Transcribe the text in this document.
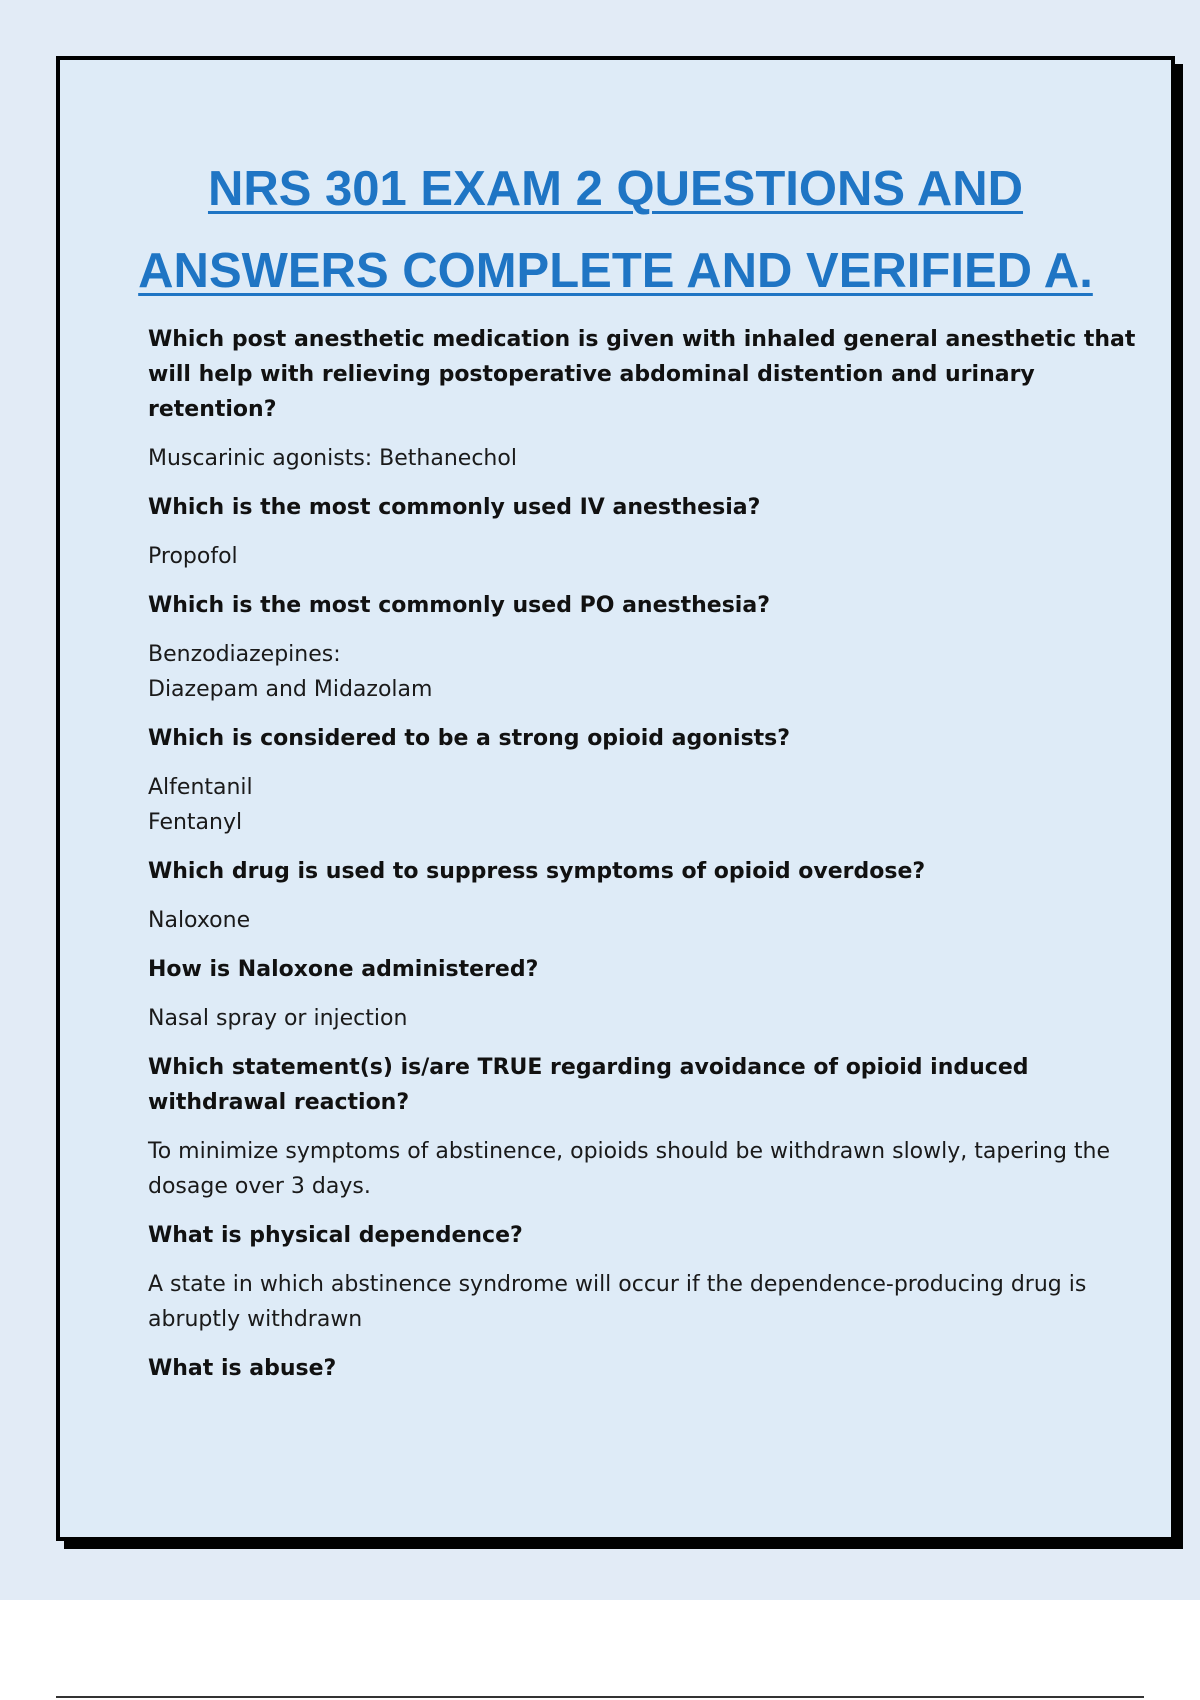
NRS 301 EXAM 2 QUESTIONS AND
ANSWERS COMPLETE AND VERIFIED A.

Which post anesthetic medication is given with inhaled general anesthetic that will help with relieving postoperative abdominal distention and urinary retention?

Muscarinic agonists: Bethanechol

Which is the most commonly used IV anesthesia?

Propofol

Which is the most commonly used PO anesthesia?

Benzodiazepines:
Diazepam and Midazolam

Which is considered to be a strong opioid agonists?

Alfentanil
Fentanyl

Which drug is used to suppress symptoms of opioid overdose?

Naloxone

How is Naloxone administered?

Nasal spray or injection

Which statement(s) is/are TRUE regarding avoidance of opioid induced withdrawal reaction?

To minimize symptoms of abstinence, opioids should be withdrawn slowly, tapering the dosage over 3 days.

What is physical dependence?

A state in which abstinence syndrome will occur if the dependence-producing drug is abruptly withdrawn

What is abuse?
